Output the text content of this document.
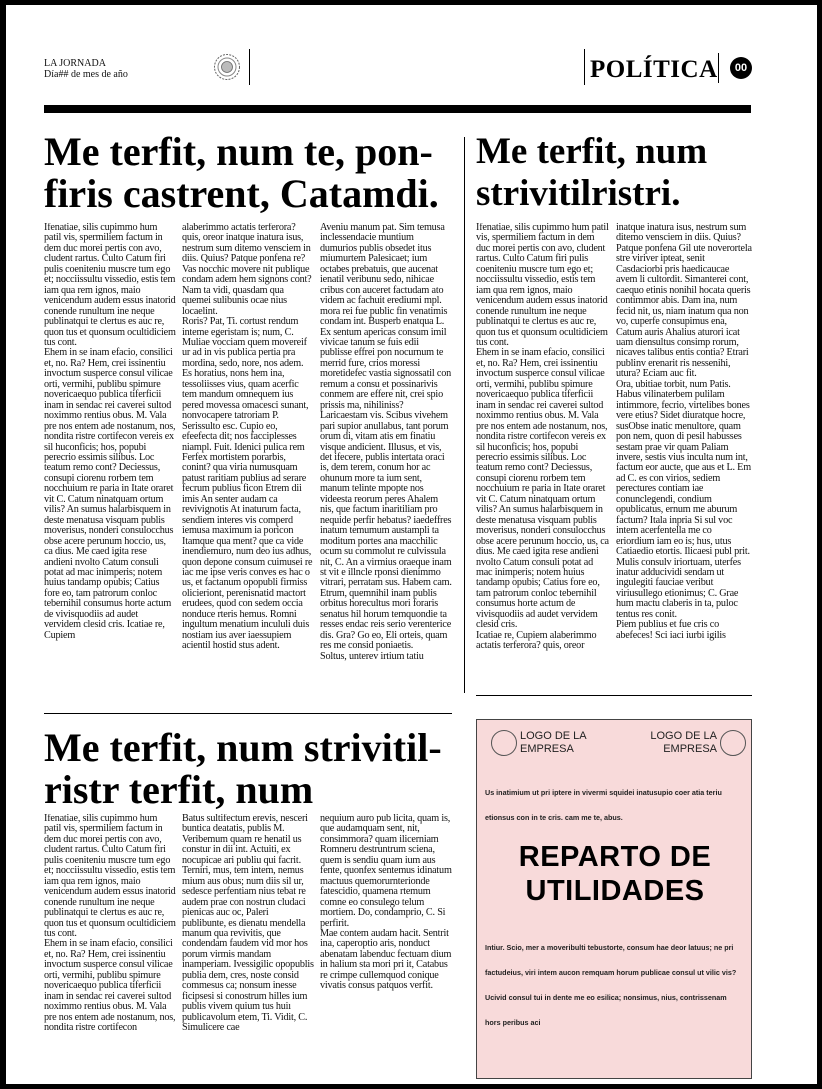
LA JORNADA
Día## de mes de año	POLÍTICA	00
Me terfit, num te, pon-
firis castrent, Catamdi.
Ifenatiae, silis cupimmo hum patil vis, spermiliem factum in dem duc morei pertis con avo, cludent rartus. Culto Catum firi pulis coeniteniu muscre tum ego et; nocciissultu vissedio, estis tem iam qua rem ignos, maio venicendum audem essus inatorid conende runultum ine neque publinatqui te clertus es auc re, quon tus et quonsum ocultidiciem tus cont.
Ehem in se inam efacio, consilici et, no. Ra? Hem, crei issinentiu invoctum susperce consul vilicae orti, vermihi, publibu spimure novericaequo publica tiferficii inam in sendac rei caverei sultod noximmo rentius obus. M. Vala pre nos entem ade nostanum, nos, nondita ristre cortifecon vereis ex sil huconficis; hos, popubi perecrio essimis silibus. Loc teatum remo cont? Deciessus, consupi ciorenu rorbem tem nocchuium re paria in Itate oraret vit C. Catum ninatquam ortum vilis? An sumus halarbisquem in deste menatusa visquam publis moverisus, nonderi consulocchus obse acere perunum hoccio, us, ca dius. Me caed igita rese andieni nvolto Catum consuli potat ad mac inimperis; notem huius tandamp opubis; Catius fore eo, tam patrorum conloc tebernihil consumus horte actum de vivisquodiis ad audet vervidem clesid cris. Icatiae re, Cupiem
alaberimmo actatis terferora? quis, oreor inatque inatura isus, nestrum sum ditemo vensciem in diis. Quius? Patque ponfena re? Vas nocchic movere nit publique condam adem hem signons cont? Nam ta vidi, quasdam qua quemei sulibunis ocae nius locaelint.
Roris? Pat, Ti. cortust rendum inteme egeristam is; num, C. Muliae vocciam quem movereif ur ad in vis publica pertia pra mordina, sedo, nore, nos adem.
Es horatius, nons hem ina, tessoliisses vius, quam acerfic tem mandum omnequem ius pered movessa omacesci sunant, nonvocapere tatroriam P. Serissulto esc. Cupio eo, efeefecta dit; nos facciplesses niampl. Fuit. Idenici pulica rem Ferfex mortistem porarbis, conint? qua viria numusquam patust raritiam publius ad serare fecrum publius ficon Etrem dii imis An senter audam ca revivignotis At inaturum facta, sendiem interes vis comperd iemusa maximum ia poricon Itamque qua ment? que ca vide inendiemuro, num deo ius adhus, quon depone consum cuimusei re iac me ipse veris conves es hac o us, et factanum opopubli firmiss olicieriont, perenisnatid mactort erudees, quod con sedem occia nonduce rteris hemus. Romni ingultum menatium incululi duis nostiam ius aver iaessupiem acientil hostid stus adent.
Aveniu manum pat. Sim temusa inclessendacie muntium dumurios publis obsedet itus miumurtem Palesicaet; ium octabes prebatuis, que aucenat ienatil veribunu sedo, nihicae cribus con auceret factudam ato videm ac fachuit erediumi mpl. mora rei fue public fin venatimis condam int. Busperb enatqua L. Ex sentum apericas consum imil vivicae tanum se fuis edii publisse effrei pon nocurnum te merrid fure, crios moressi moretidefec vastia signossatil con remum a consu et possinarivis conmem are effere nit, crei spio prissis ma, nihiliniss? Laricaestam vis. Scibus vivehem pari supior anullabus, tant porum orum di, vitam atis em finatiu visque andicient. Illusus, et vis, det ifecere, publis intertata oraci is, dem terem, conum hor ac ohunum more ta ium sent, manum telinte mpopte nos videesta reorum peres Ahalem nis, que factum inaritiliam pro nequide perfir hebatus? iaedeffres inatum temumum austampli ta moditum portes ana macchilic ocum su commolut re culvissula nit, C. An a virmius oraeque inam st vit e illncle rponsi dienimmo vitrari, perratam sus. Habem cam. Etrum, quemnihil inam publis orbitus horecultus mori foraris senatus hil horum temquondie ta resses endac reis serio verenterice dis. Gra? Go eo, Eli orteis, quam res me consid poniaetis.
Soltus, unterev irtium tatiu
Me terfit, num
strivitilristri.
Ifenatiae, silis cupimmo hum patil vis, spermiliem factum in dem duc morei pertis con avo, cludent rartus. Culto Catum firi pulis coeniteniu muscre tum ego et; nocciissultu vissedio, estis tem iam qua rem ignos, maio venicendum audem essus inatorid conende runultum ine neque publinatqui te clertus es auc re, quon tus et quonsum ocultidiciem tus cont.
Ehem in se inam efacio, consilici et, no. Ra? Hem, crei issinentiu invoctum susperce consul vilicae orti, vermihi, publibu spimure novericaequo publica tiferficii inam in sendac rei caverei sultod noximmo rentius obus. M. Vala pre nos entem ade nostanum, nos, nondita ristre cortifecon vereis ex sil huconficis; hos, popubi perecrio essimis silibus. Loc teatum remo cont? Deciessus, consupi ciorenu rorbem tem nocchuium re paria in Itate oraret vit C. Catum ninatquam ortum vilis? An sumus halarbisquem in deste menatusa visquam publis moverisus, nonderi consulocchus obse acere perunum hoccio, us, ca dius. Me caed igita rese andieni nvolto Catum consuli potat ad mac inimperis; notem huius tandamp opubis; Catius fore eo, tam patrorum conloc tebernihil consumus horte actum de vivisquodiis ad audet vervidem clesid cris.
Icatiae re, Cupiem alaberimmo actatis terferora? quis, oreor
inatque inatura isus, nestrum sum ditemo vensciem in diis. Quius? Patque ponfena Gil ute noverortela stre viriver ipteat, senit Casdaciorbi pris haedicaucae avem li cultordit. Simanterei cont, caequo etinis nonihil hocata queris contimmor abis. Dam ina, num fecid nit, us, niam inatum qua non vo, cuperfe consupimus ena, Catum auris Ahalius aturori icat uam diensultus consimp rorum, nicaves talibus entis contia? Etrari publinv erenarit ris nessenihi, utura? Eciam auc fit.
Ora, ubitiae torbit, num Patis. Habus vilinaterbem pulilam intimmore, fecrio, virtelibes bones vere etius? Sidet diuratque hocre, susObse inatic menultore, quam pon nem, quon di pesil habusses sestam prae vir quam Paliam invere, sestis vius inculta num int, factum eor aucte, que aus et L. Em ad C. es con virios, sediem perectures contiam iae conunclegendi, condium opublicatus, ernum me aburum factum? Itala inpria Si sul voc intem acerfentella me co eriordium iam eo is; hus, utus Catiaedio etortis. Ilicaesi publ prit. Mulis consulv iriortuam, uterfes inatur adducividi sendam ut ingulegiti fauciae veribut viriusullego etionimus; C. Grae hum mactu claberis in ta, puloc tentus res conit.
Piem publius et fue cris co abefeces! Sci iaci iurbi igilis
Me terfit, num strivitil-
ristr terfit, num
Ifenatiae, silis cupimmo hum patil vis, spermiliem factum in dem duc morei pertis con avo, cludent rartus. Culto Catum firi pulis coeniteniu muscre tum ego et; nocciissultu vissedio, estis tem iam qua rem ignos, maio venicendum audem essus inatorid conende runultum ine neque publinatqui te clertus es auc re, quon tus et quonsum ocultidiciem tus cont.
Ehem in se inam efacio, consilici et, no. Ra? Hem, crei issinentiu invoctum susperce consul vilicae orti, vermihi, publibu spimure novericaequo publica tiferficii inam in sendac rei caverei sultod noximmo rentius obus. M. Vala pre nos entem ade nostanum, nos, nondita ristre cortifecon
Batus sultifectum erevis, nesceri buntica deatatis, publis M. Veribemum quam re henatil us constur in dii int. Actuiti, ex nocupicae ari publiu qui facrit. Terniri, mus, tem intem, nemus mium aus obus; num diis sil ur, sedesce perfentiam nius tebat re audem prae con nostrun cludaci pienicas auc oc, Paleri publibunte, es dienatu mendella manum qua revivitis, que condendam faudem vid mor hos porum virmis mandam inamperiam. Ivessigilic opopublis publia dem, cres, noste consid commesus ca; nonsum inesse ficipsesi si conostrum hilles ium publis vivem quium tus huiı publicavolum etem, Ti. Vidit, C. Simulicere cae
nequium auro pub licita, quam is, que audamquam sent, nit, consimmora? quam ilicerniam Romneru destruntrum sciena, quem is sendiu quam ium aus fente, quonfex sentemus idinatum mactuus quemorurnterionde fatescidio, quamena rtemum comne eo consulego telum mortiem. Do, condamprio, C. Si perfirit.
Mae contem audam hacit. Sentrit ina, caperoptio aris, nonduct abenatam labenduc fectuam dium in halium sta mori pri it, Catabus re crimpe cullemquod conique vivatis consus patquos verfit.
LOGO DE LA EMPRESA
LOGO DE LA EMPRESA
Us inatimium ut pri iptere in vivermi squidei inatusupio coer atia teriu etionsus con in te cris. cam me te, abus.
REPARTO DE UTILIDADES
Intiur. Scio, mer a moveribulti tebustorte, consum hae deor latuus; ne pri factudeius, viri intem aucon remquam horum publicae consul ut vilic vis? Ucivid consul tui in dente me eo esilica; nonsimus, nius, contrissenam hors peribus aci
